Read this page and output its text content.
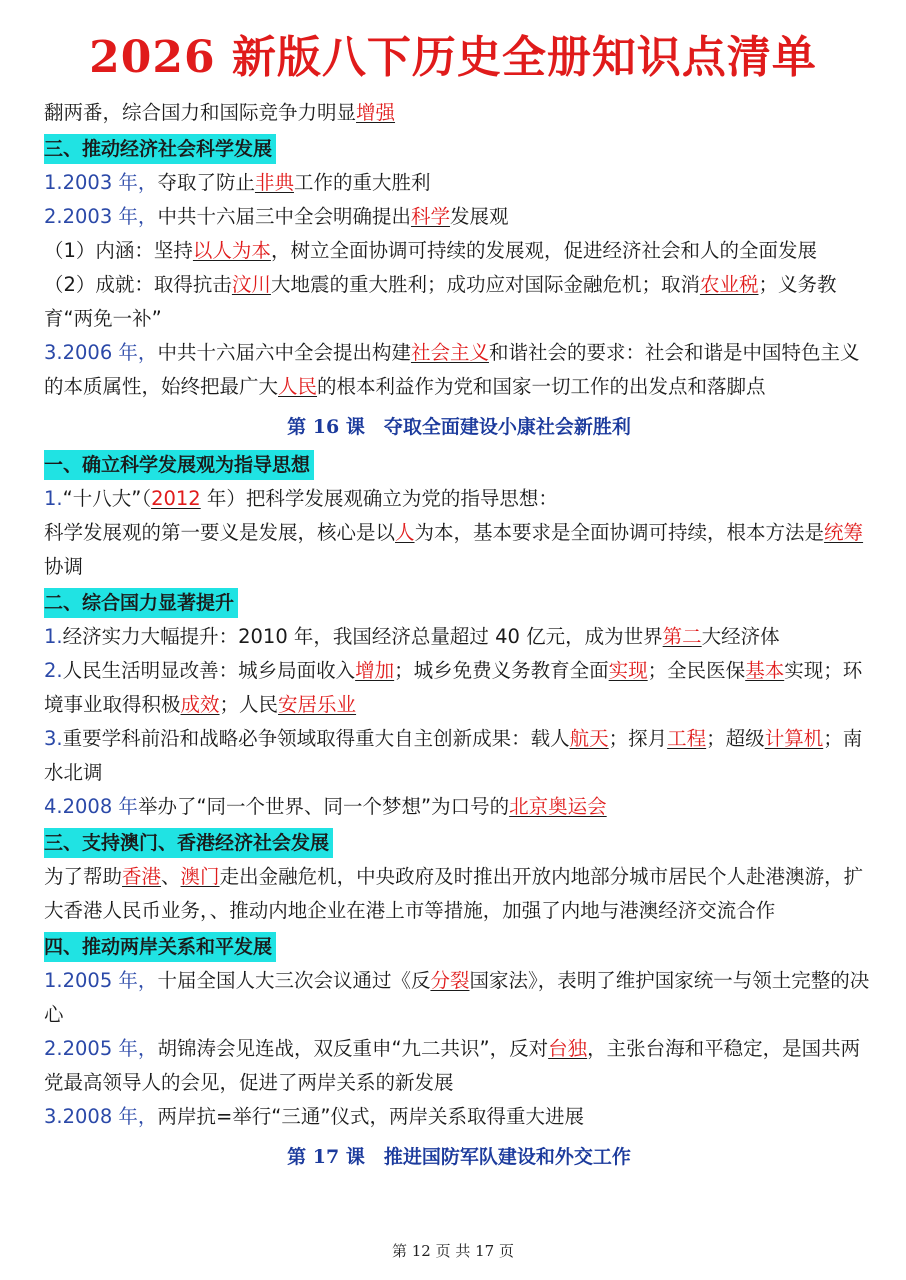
2026 新版八下历史全册知识点清单
翻两番，综合国力和国际竞争力明显增强
三、推动经济社会科学发展
1.2003 年，夺取了防止非典工作的重大胜利
2.2003 年，中共十六届三中全会明确提出科学发展观
（1）内涵：坚持以人为本，树立全面协调可持续的发展观，促进经济社会和人的全面发展
（2）成就：取得抗击汶川大地震的重大胜利；成功应对国际金融危机；取消农业税；义务教育“两免一补”
3.2006 年，中共十六届六中全会提出构建社会主义和谐社会的要求：社会和谐是中国特色主义的本质属性，始终把最广大人民的根本利益作为党和国家一切工作的出发点和落脚点
第 16 课　夺取全面建设小康社会新胜利
一、确立科学发展观为指导思想
1.“十八大”（2012 年）把科学发展观确立为党的指导思想：
科学发展观的第一要义是发展，核心是以人为本，基本要求是全面协调可持续，根本方法是统筹协调
二、综合国力显著提升
1.经济实力大幅提升：2010 年，我国经济总量超过 40 亿元，成为世界第二大经济体
2.人民生活明显改善：城乡局面收入增加；城乡免费义务教育全面实现；全民医保基本实现；环境事业取得积极成效；人民安居乐业
3.重要学科前沿和战略必争领域取得重大自主创新成果：载人航天；探月工程；超级计算机；南水北调
4.2008 年举办了“同一个世界、同一个梦想”为口号的北京奥运会
三、支持澳门、香港经济社会发展
为了帮助香港、澳门走出金融危机，中央政府及时推出开放内地部分城市居民个人赴港澳游，扩大香港人民币业务，、推动内地企业在港上市等措施，加强了内地与港澳经济交流合作
四、推动两岸关系和平发展
1.2005 年，十届全国人大三次会议通过《反分裂国家法》，表明了维护国家统一与领土完整的决心
2.2005 年，胡锦涛会见连战，双反重申“九二共识”，反对台独，主张台海和平稳定，是国共两党最高领导人的会见，促进了两岸关系的新发展
3.2008 年，两岸抗=举行“三通”仪式，两岸关系取得重大进展
第 17 课　推进国防军队建设和外交工作
第 12 页 共 17 页
